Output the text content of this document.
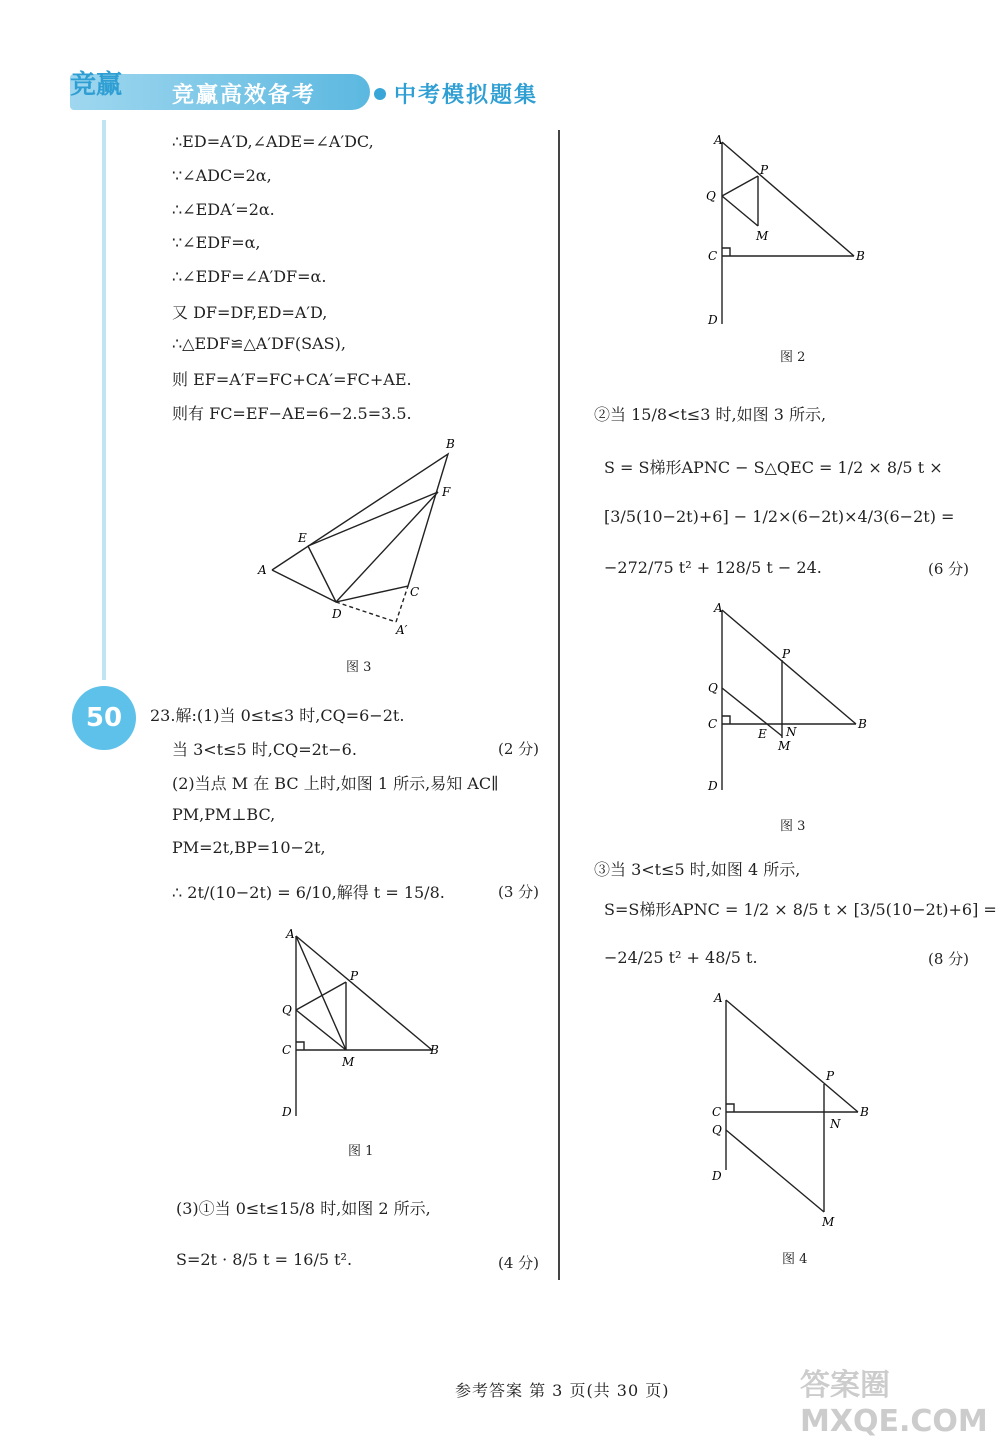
竞赢	竞赢高效备考	中考模拟题集
50
∴ED=A′D,∠ADE=∠A′DC,
∵∠ADC=2α,
∴∠EDA′=2α.
∵∠EDF=α,
∴∠EDF=∠A′DF=α.
又 DF=DF,ED=A′D,
∴△EDF≌△A′DF(SAS),
则 EF=A′F=FC+CA′=FC+AE.
则有 FC=EF−AE=6−2.5=3.5.
B
F
E
A
C
D
A′
图 3
23.解:(1)当 0≤t≤3 时,CQ=6−2t.
当 3<t≤5 时,CQ=2t−6.	(2 分)
(2)当点 M 在 BC 上时,如图 1 所示,易知 AC∥
PM,PM⊥BC,
PM=2t,BP=10−2t,
∴ 2t/(10−2t) = 6/10,解得 t = 15/8.	(3 分)
A
P
Q
C
M
B
D
图 1
(3)①当 0≤t≤15/8 时,如图 2 所示,
S=2t · 8/5 t = 16/5 t².	(4 分)
A
P
Q
M
C	B
D
图 2
②当 15/8<t≤3 时,如图 3 所示,
S = S梯形APNC − S△QEC = 1/2 × 8/5 t ×
[3/5(10−2t)+6] − 1/2×(6−2t)×4/3(6−2t) =
−272/75 t² + 128/5 t − 24.	(6 分)
A
P
Q
C
E N
M
B
D
图 3
③当 3<t≤5 时,如图 4 所示,
S=S梯形APNC = 1/2 × 8/5 t × [3/5(10−2t)+6] =
−24/25 t² + 48/5 t.	(8 分)
A
P
C
Q	N
B
D
M
图 4
参考答案 第 3 页(共 30 页)	答案圈 MXQE.COM
